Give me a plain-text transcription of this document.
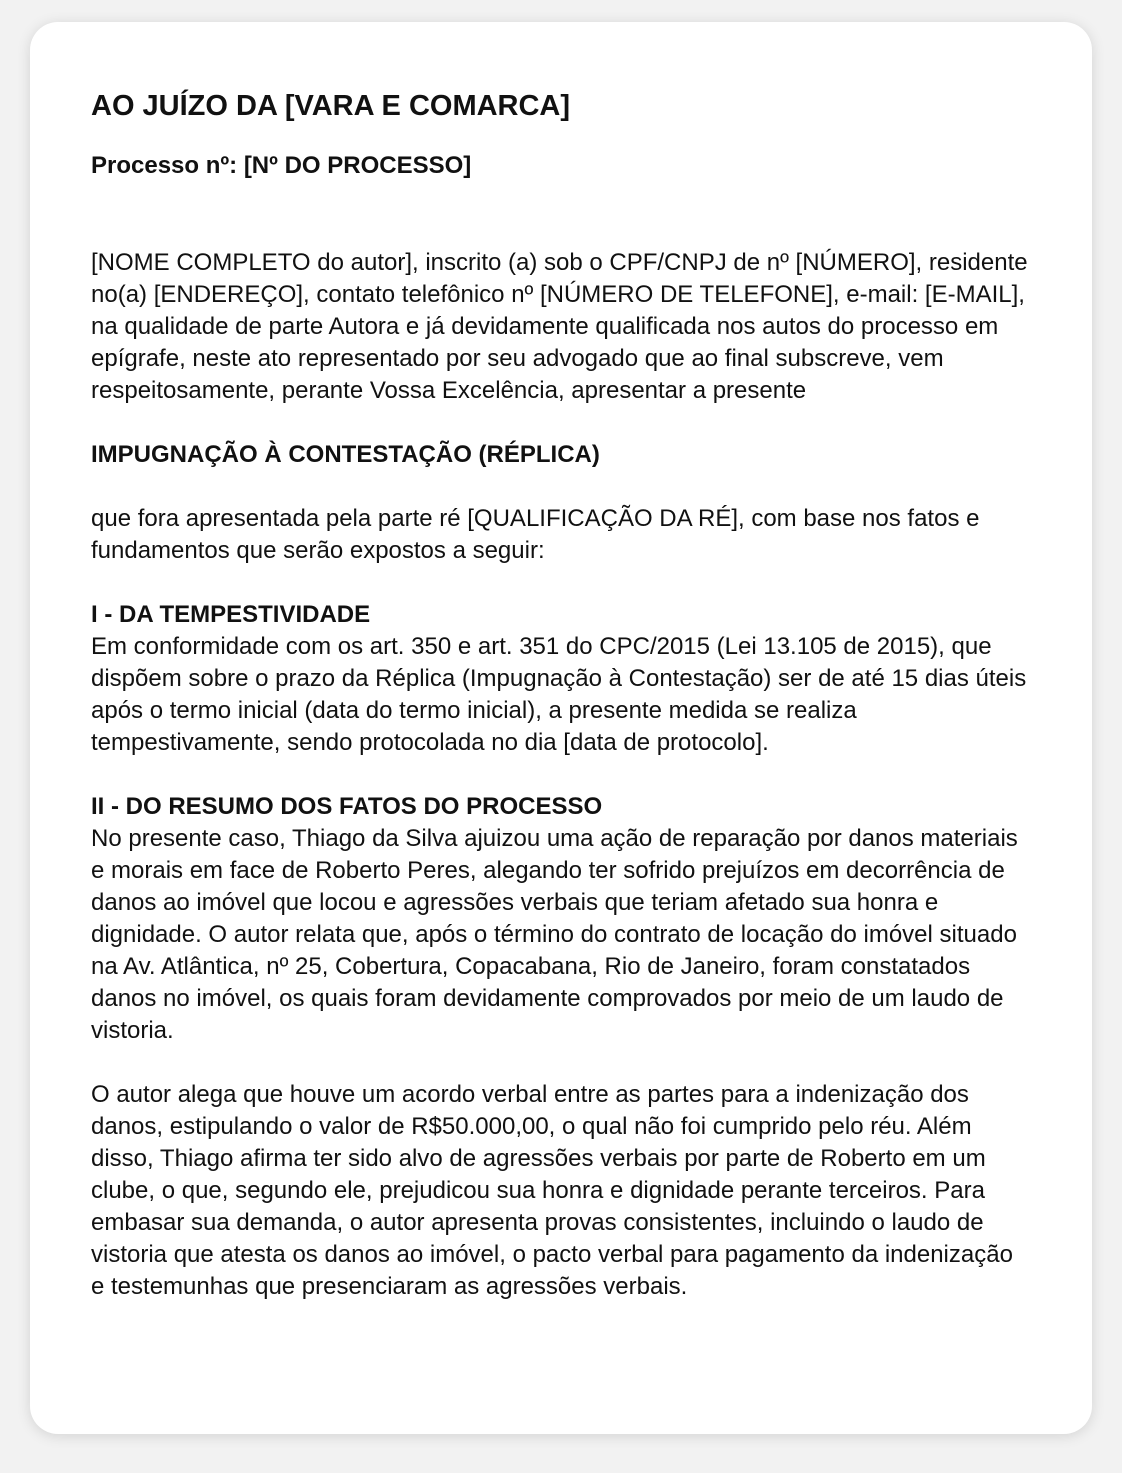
AO JUÍZO DA [VARA E COMARCA]
Processo nº: [Nº DO PROCESSO]
[NOME COMPLETO do autor], inscrito (a) sob o CPF/CNPJ de nº [NÚMERO], residente no(a) [ENDEREÇO], contato telefônico nº [NÚMERO DE TELEFONE], e-mail: [E-MAIL], na qualidade de parte Autora e já devidamente qualificada nos autos do processo em epígrafe, neste ato representado por seu advogado que ao final subscreve, vem respeitosamente, perante Vossa Excelência, apresentar a presente
IMPUGNAÇÃO À CONTESTAÇÃO (RÉPLICA)
que fora apresentada pela parte ré [QUALIFICAÇÃO DA RÉ], com base nos fatos e fundamentos que serão expostos a seguir:
I - DA TEMPESTIVIDADE
Em conformidade com os art. 350 e art. 351 do CPC/2015 (Lei 13.105 de 2015), que dispõem sobre o prazo da Réplica (Impugnação à Contestação) ser de até 15 dias úteis após o termo inicial (data do termo inicial), a presente medida se realiza tempestivamente, sendo protocolada no dia [data de protocolo].
II - DO RESUMO DOS FATOS DO PROCESSO
No presente caso, Thiago da Silva ajuizou uma ação de reparação por danos materiais e morais em face de Roberto Peres, alegando ter sofrido prejuízos em decorrência de danos ao imóvel que locou e agressões verbais que teriam afetado sua honra e dignidade. O autor relata que, após o término do contrato de locação do imóvel situado na Av. Atlântica, nº 25, Cobertura, Copacabana, Rio de Janeiro, foram constatados danos no imóvel, os quais foram devidamente comprovados por meio de um laudo de vistoria.
O autor alega que houve um acordo verbal entre as partes para a indenização dos danos, estipulando o valor de R$50.000,00, o qual não foi cumprido pelo réu. Além disso, Thiago afirma ter sido alvo de agressões verbais por parte de Roberto em um clube, o que, segundo ele, prejudicou sua honra e dignidade perante terceiros. Para embasar sua demanda, o autor apresenta provas consistentes, incluindo o laudo de vistoria que atesta os danos ao imóvel, o pacto verbal para pagamento da indenização e testemunhas que presenciaram as agressões verbais.
